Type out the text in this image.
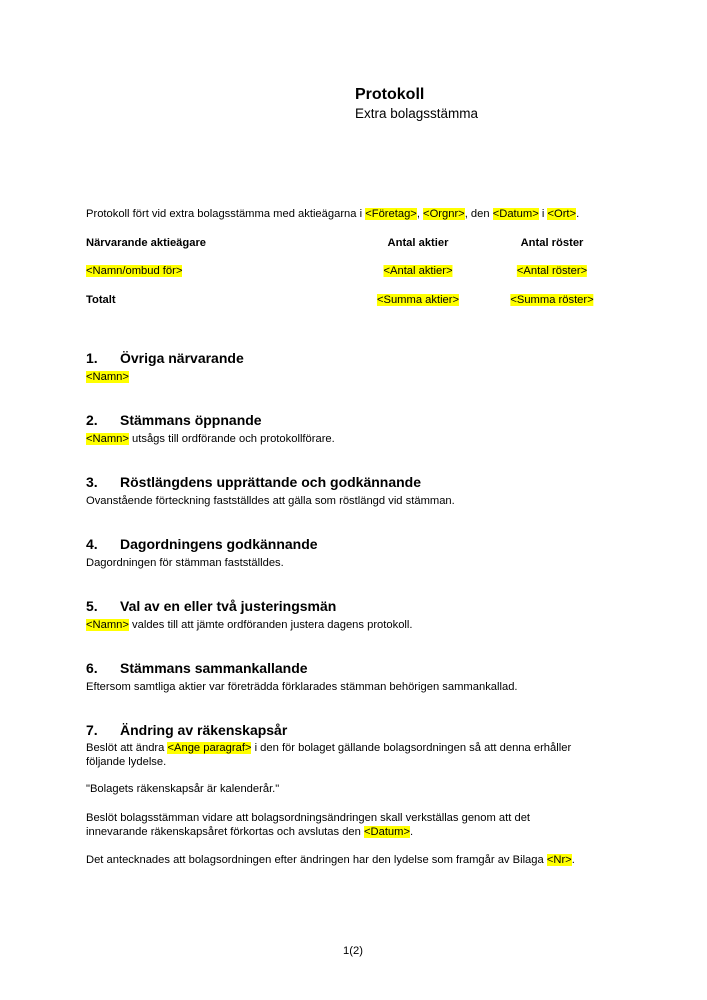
Protokoll
Extra bolagsstämma
Protokoll fört vid extra bolagsstämma med aktieägarna i <Företag>, <Orgnr>, den <Datum> i <Ort>.
Närvarande aktieägare	Antal aktier	Antal röster
<Namn/ombud för>	<Antal aktier>	<Antal röster>
Totalt	<Summa aktier>	<Summa röster>
1. Övriga närvarande
<Namn>
2. Stämmans öppnande
<Namn> utsågs till ordförande och protokollförare.
3. Röstlängdens upprättande och godkännande
Ovanstående förteckning fastställdes att gälla som röstlängd vid stämman.
4. Dagordningens godkännande
Dagordningen för stämman fastställdes.
5. Val av en eller två justeringsmän
<Namn> valdes till att jämte ordföranden justera dagens protokoll.
6. Stämmans sammankallande
Eftersom samtliga aktier var företrädda förklarades stämman behörigen sammankallad.
7. Ändring av räkenskapsår
Beslöt att ändra <Ange paragraf> i den för bolaget gällande bolagsordningen så att denna erhåller
följande lydelse.
"Bolagets räkenskapsår är kalenderår."
Beslöt bolagsstämman vidare att bolagsordningsändringen skall verkställas genom att det
innevarande räkenskapsåret förkortas och avslutas den <Datum>.
Det antecknades att bolagsordningen efter ändringen har den lydelse som framgår av Bilaga <Nr>.
1(2)
